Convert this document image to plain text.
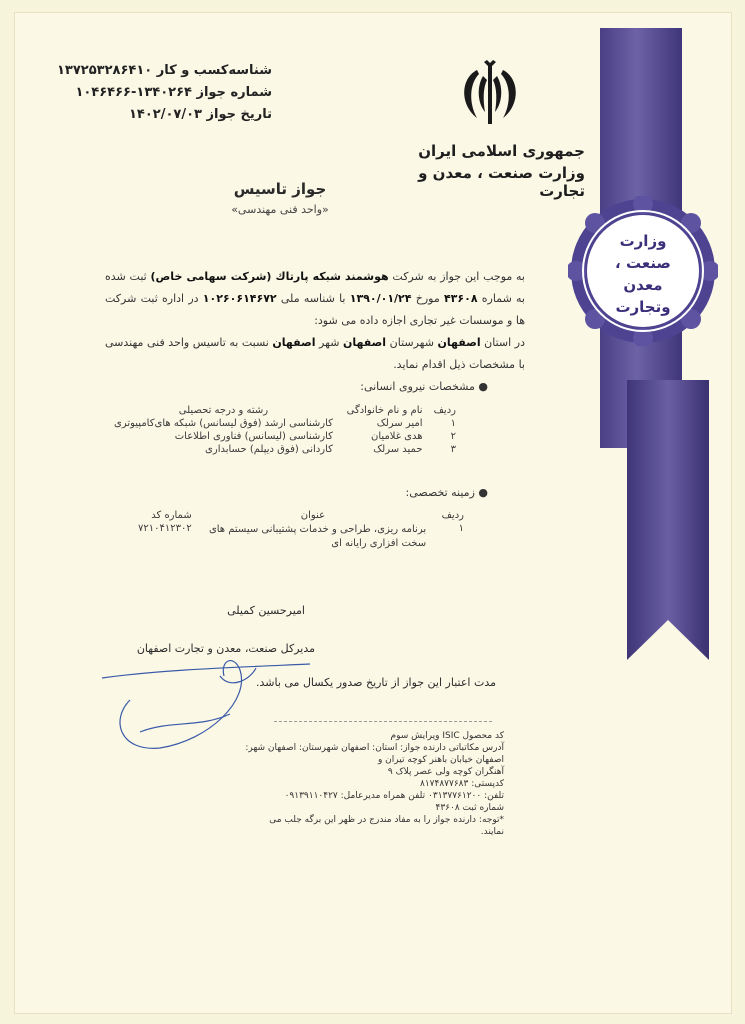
وزارت
صنعت ، معدن
وتجارت
شناسه‌کسب و کار ۱۳۷۲۵۳۲۸۶۴۱۰
شماره جواز ۱۳۴۰۲۶۴-۱۰۴۶۴۶۶
تاریخ جواز ۱۴۰۲/۰۷/۰۳
جمهوری اسلامی ایران
وزارت صنعت ، معدن و تجارت
جواز تاسیس
«واحد فنی مهندسی»
به موجب این جواز به شرکت هوشمند شبکه پارتاك (شرکت سهامی خاص) ثبت شده به شماره ۴۳۶۰۸ مورخ ۱۳۹۰/۰۱/۲۴ با شناسه ملی ۱۰۲۶۰۶۱۴۶۷۲ در اداره ثبت شرکت ها و موسسات غیر تجاری اجازه داده می شود:
در استان اصفهان شهرستان اصفهان شهر اصفهان نسبت به تاسیس واحد فنی مهندسی با مشخصات ذیل اقدام نماید.
● مشخصات نیروی انسانی:
ردیف	نام و نام خانوادگی	رشته و درجه تحصیلی
۱	امیر سرلک	کارشناسی ارشد (فوق لیسانس) شبکه های‌کامپیوتری
۲	هدی غلامیان	کارشناسی (لیسانس) فناوری اطلاعات
۳	حمید سرلک	کاردانی (فوق دیپلم) حسابداری
● زمینه تخصصی:
ردیف	عنوان	شماره کد
۱	برنامه ریزی، طراحی و خدمات پشتیبانی سیستم های سخت افزاری رایانه ای	۷۲۱۰۴۱۲۳۰۲
امیرحسین کمیلی
مدیرکل صنعت، معدن و تجارت اصفهان
مدت اعتبار این جواز از تاریخ صدور یکسال می باشد.
کد محصول ISIC ویرایش سوم
آدرس مکاتباتی دارنده جواز: استان: اصفهان شهرستان: اصفهان شهر: اصفهان خیابان باهنر کوچه تیران و
آهنگران کوچه ولی عصر پلاک ۹
کدپستی: ۸۱۷۴۸۷۷۶۸۳
تلفن: ۰۳۱۳۷۷۶۱۲۰۰ تلفن همراه مدیرعامل: ۰۹۱۳۹۱۱۰۴۲۷
شماره ثبت ۴۳۶۰۸
*توجه: دارنده جواز را به مفاد مندرج در ظهر این برگه جلب می نمایند.
